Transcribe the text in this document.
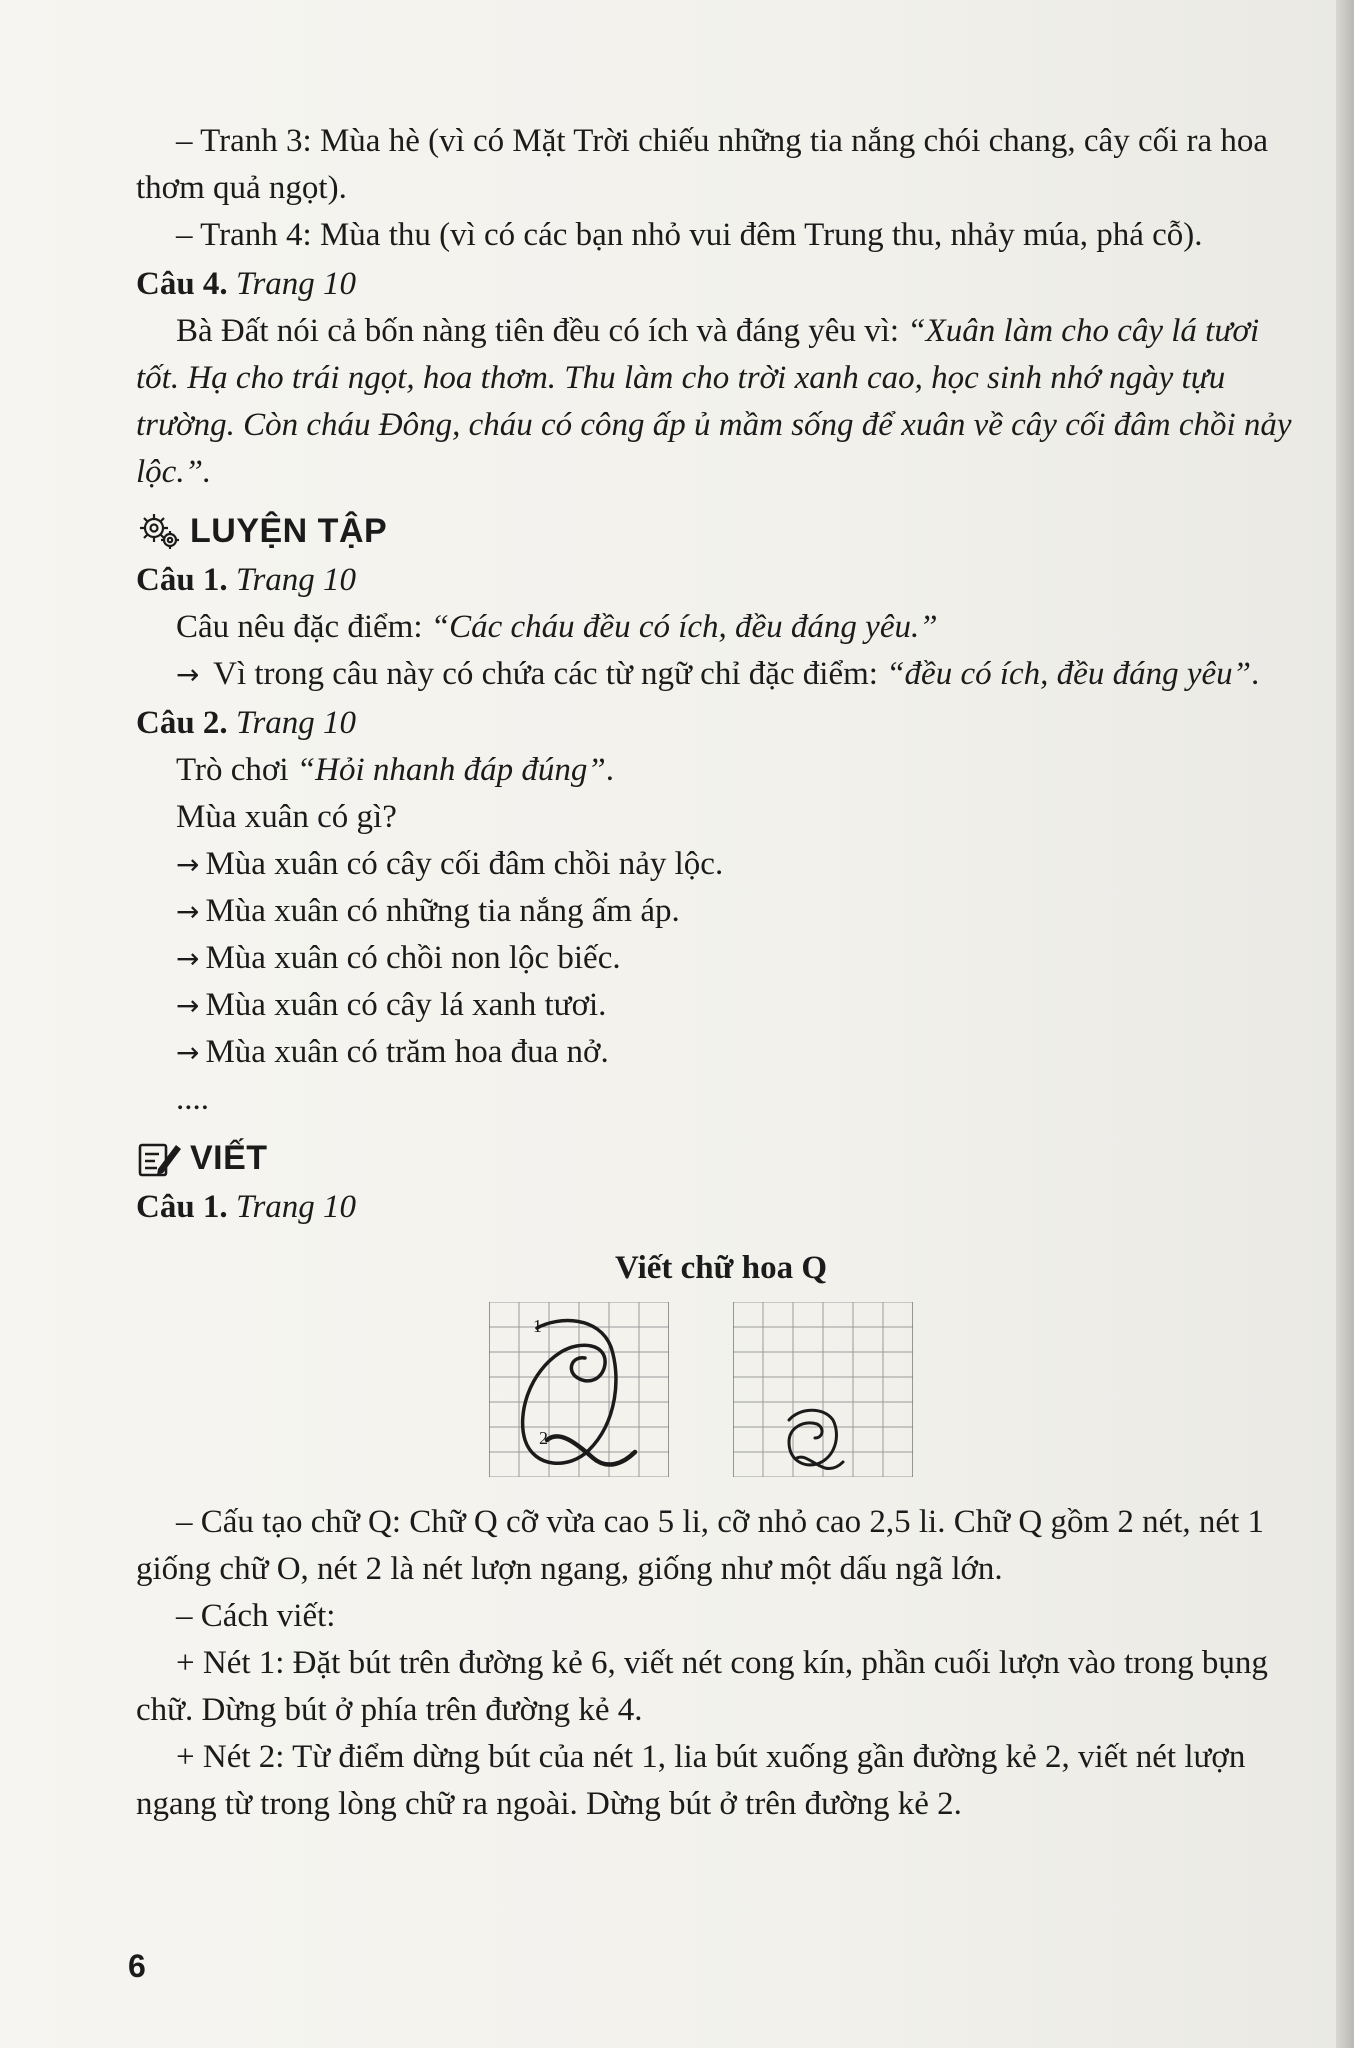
– Tranh 3: Mùa hè (vì có Mặt Trời chiếu những tia nắng chói chang, cây cối ra hoa thơm quả ngọt).

– Tranh 4: Mùa thu (vì có các bạn nhỏ vui đêm Trung thu, nhảy múa, phá cỗ).

Câu 4. Trang 10

Bà Đất nói cả bốn nàng tiên đều có ích và đáng yêu vì: “Xuân làm cho cây lá tươi tốt. Hạ cho trái ngọt, hoa thơm. Thu làm cho trời xanh cao, học sinh nhớ ngày tựu trường. Còn cháu Đông, cháu có công ấp ủ mầm sống để xuân về cây cối đâm chồi nảy lộc.”.

LUYỆN TẬP

Câu 1. Trang 10

Câu nêu đặc điểm: “Các cháu đều có ích, đều đáng yêu.”

→ Vì trong câu này có chứa các từ ngữ chỉ đặc điểm: “đều có ích, đều đáng yêu”.

Câu 2. Trang 10

Trò chơi “Hỏi nhanh đáp đúng”.

Mùa xuân có gì?

→ Mùa xuân có cây cối đâm chồi nảy lộc.

→ Mùa xuân có những tia nắng ấm áp.

→ Mùa xuân có chồi non lộc biếc.

→ Mùa xuân có cây lá xanh tươi.

→ Mùa xuân có trăm hoa đua nở.

....

VIẾT

Câu 1. Trang 10

Viết chữ hoa Q

1
2

– Cấu tạo chữ Q: Chữ Q cỡ vừa cao 5 li, cỡ nhỏ cao 2,5 li. Chữ Q gồm 2 nét, nét 1 giống chữ O, nét 2 là nét lượn ngang, giống như một dấu ngã lớn.

– Cách viết:

+ Nét 1: Đặt bút trên đường kẻ 6, viết nét cong kín, phần cuối lượn vào trong bụng chữ. Dừng bút ở phía trên đường kẻ 4.

+ Nét 2: Từ điểm dừng bút của nét 1, lia bút xuống gần đường kẻ 2, viết nét lượn ngang từ trong lòng chữ ra ngoài. Dừng bút ở trên đường kẻ 2.

6
